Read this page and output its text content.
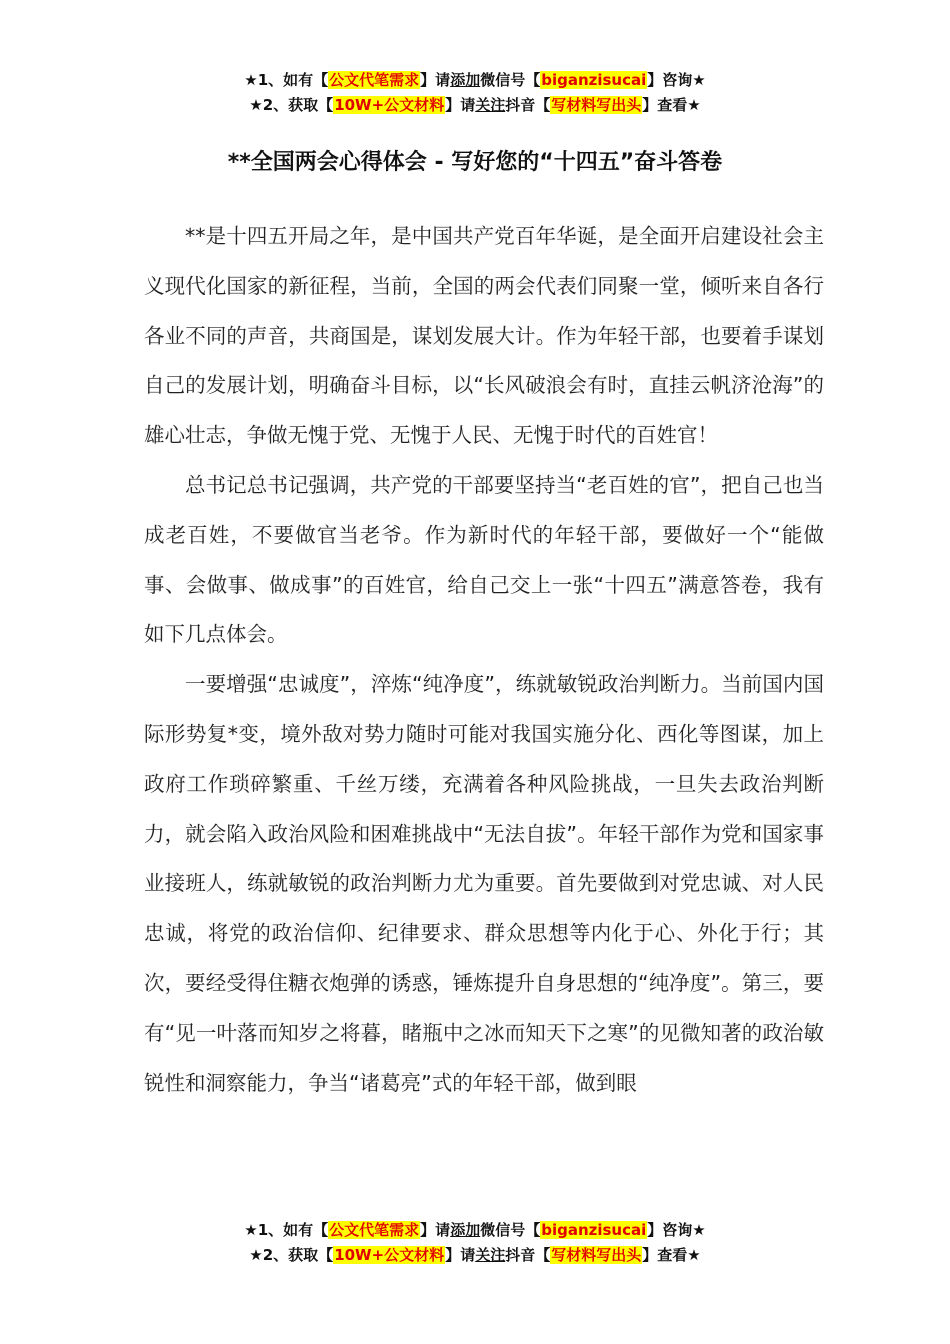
★1、如有【公文代笔需求】请添加微信号【biganzisucai】咨询★
★2、获取【10W+公文材料】请关注抖音【写材料写出头】查看★
**全国两会心得体会 - 写好您的“十四五”奋斗答卷

**是十四五开局之年，是中国共产党百年华诞，是全面开启建设社会主义现代化国家的新征程，当前，全国的两会代表们同聚一堂，倾听来自各行各业不同的声音，共商国是，谋划发展大计。作为年轻干部，也要着手谋划自己的发展计划，明确奋斗目标，以“长风破浪会有时，直挂云帆济沧海”的雄心壮志，争做无愧于党、无愧于人民、无愧于时代的百姓官！

总书记总书记强调，共产党的干部要坚持当“老百姓的官”，把自己也当成老百姓，不要做官当老爷。作为新时代的年轻干部，要做好一个“能做事、会做事、做成事”的百姓官，给自己交上一张“十四五”满意答卷，我有如下几点体会。

一要增强“忠诚度”，淬炼“纯净度”，练就敏锐政治判断力。当前国内国际形势复*变，境外敌对势力随时可能对我国实施分化、西化等图谋，加上政府工作琐碎繁重、千丝万缕，充满着各种风险挑战，一旦失去政治判断力，就会陷入政治风险和困难挑战中“无法自拔”。年轻干部作为党和国家事业接班人，练就敏锐的政治判断力尤为重要。首先要做到对党忠诚、对人民忠诚，将党的政治信仰、纪律要求、群众思想等内化于心、外化于行；其次，要经受得住糖衣炮弹的诱惑，锤炼提升自身思想的“纯净度”。第三，要有“见一叶落而知岁之将暮，睹瓶中之冰而知天下之寒”的见微知著的政治敏锐性和洞察能力，争当“诸葛亮”式的年轻干部，做到眼

★1、如有【公文代笔需求】请添加微信号【biganzisucai】咨询★
★2、获取【10W+公文材料】请关注抖音【写材料写出头】查看★
